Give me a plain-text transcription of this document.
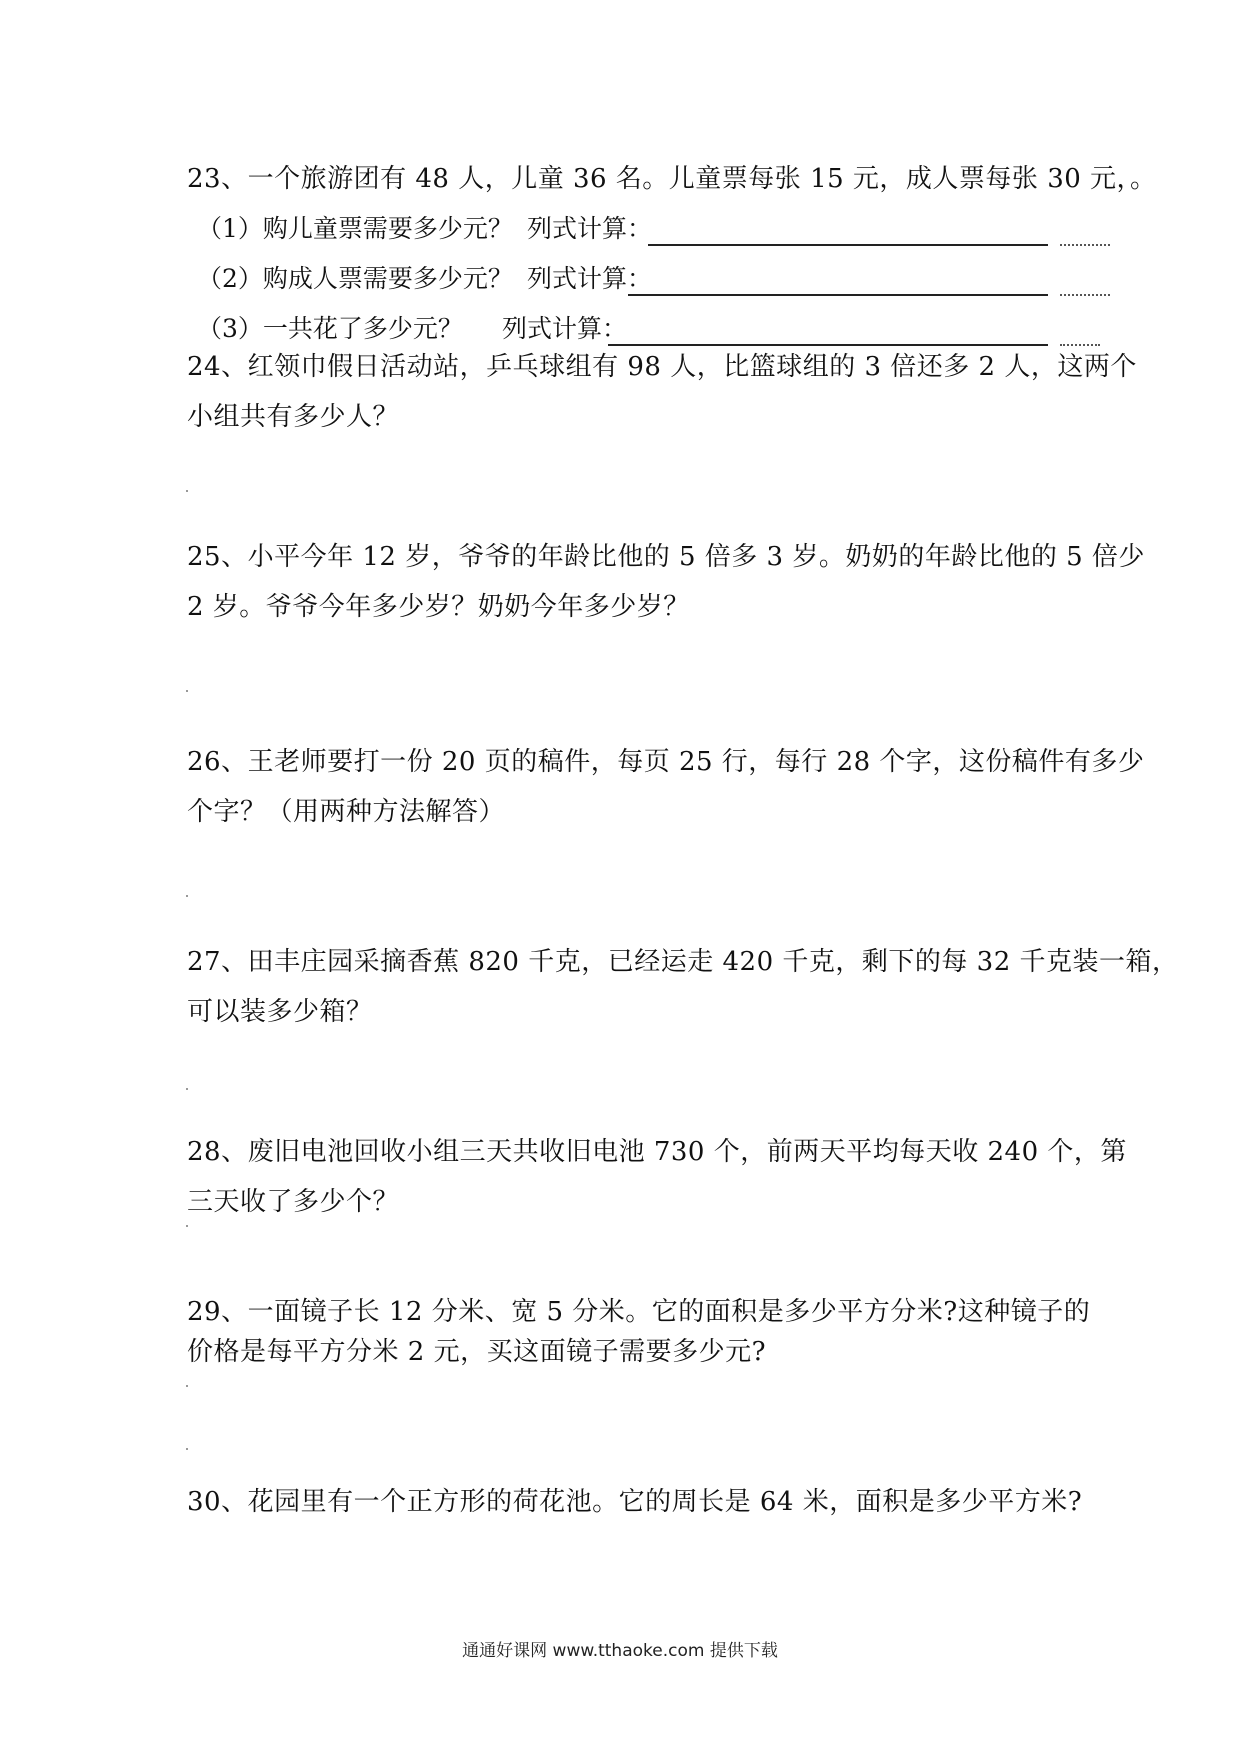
23、一个旅游团有 48 人，儿童 36 名。儿童票每张 15 元，成人票每张 30 元，。
（1）购儿童票需要多少元？ 列式计算：
（2）购成人票需要多少元？ 列式计算：
（3）一共花了多少元？ 列式计算：
24、红领巾假日活动站，乒乓球组有 98 人，比篮球组的 3 倍还多 2 人，这两个
小组共有多少人？
25、小平今年 12 岁，爷爷的年龄比他的 5 倍多 3 岁。奶奶的年龄比他的 5 倍少
2 岁。爷爷今年多少岁？奶奶今年多少岁？
26、王老师要打一份 20 页的稿件，每页 25 行，每行 28 个字，这份稿件有多少
个字？（用两种方法解答）
27、田丰庄园采摘香蕉 820 千克，已经运走 420 千克，剩下的每 32 千克装一箱，
可以装多少箱？
28、废旧电池回收小组三天共收旧电池 730 个，前两天平均每天收 240 个，第
三天收了多少个？
29、一面镜子长 12 分米、宽 5 分米。它的面积是多少平方分米?这种镜子的
价格是每平方分米 2 元，买这面镜子需要多少元?
30、花园里有一个正方形的荷花池。它的周长是 64 米，面积是多少平方米?
通通好课网 www.tthaoke.com 提供下载
